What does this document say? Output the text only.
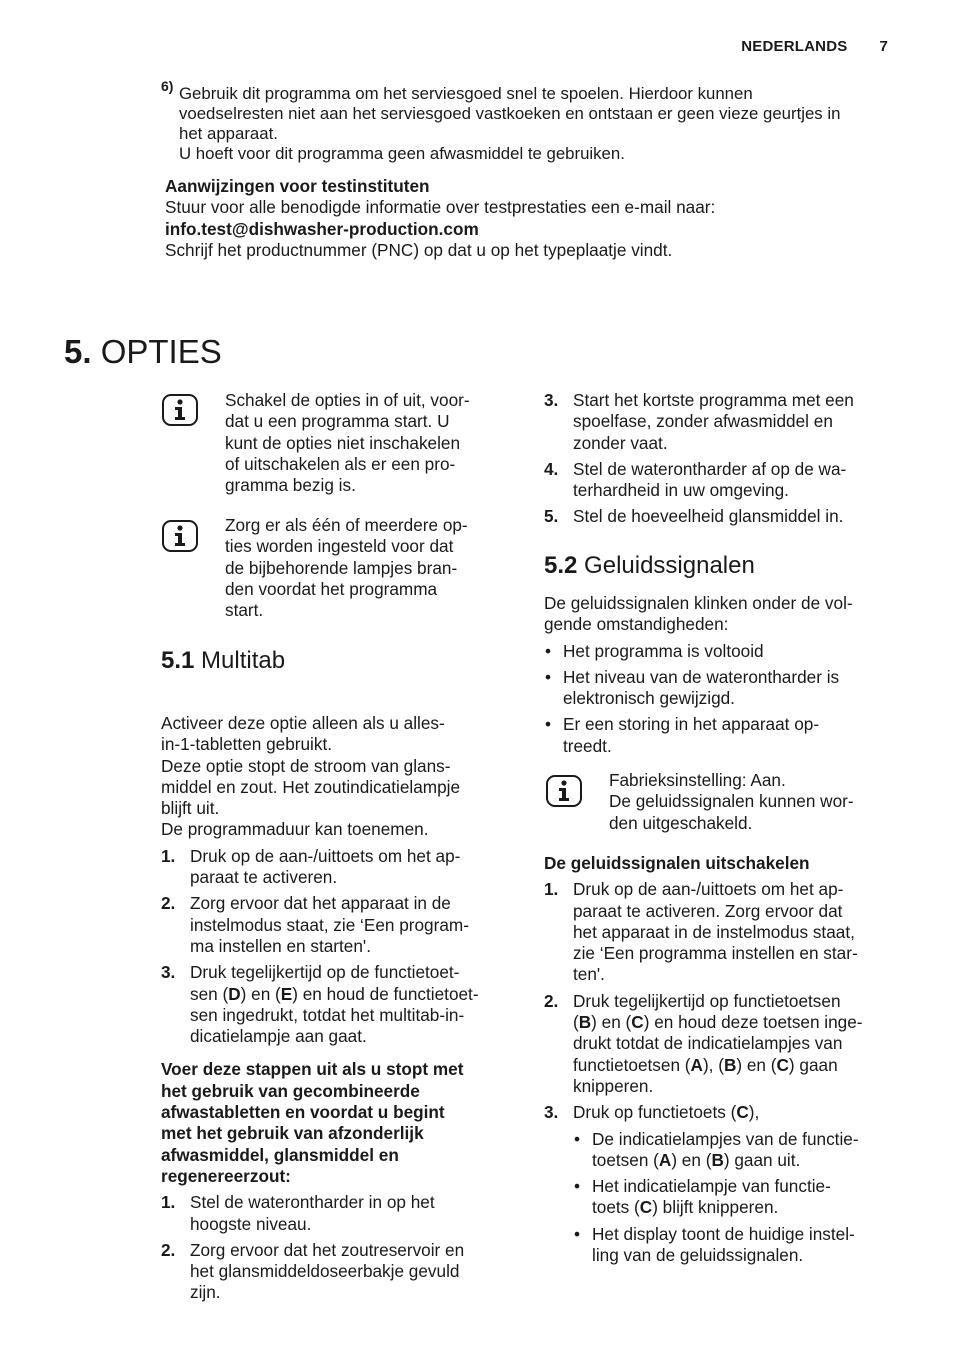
NEDERLANDS 7
6) Gebruik dit programma om het serviesgoed snel te spoelen. Hierdoor kunnen
voedselresten niet aan het serviesgoed vastkoeken en ontstaan er geen vieze geurtjes in
het apparaat.
U hoeft voor dit programma geen afwasmiddel te gebruiken.
Aanwijzingen voor testinstituten
Stuur voor alle benodigde informatie over testprestaties een e-mail naar:
info.test@dishwasher-production.com
Schrijf het productnummer (PNC) op dat u op het typeplaatje vindt.
5. OPTIES
Schakel de opties in of uit, voor-
dat u een programma start. U
kunt de opties niet inschakelen
of uitschakelen als er een pro-
gramma bezig is.
Zorg er als één of meerdere op-
ties worden ingesteld voor dat
de bijbehorende lampjes bran-
den voordat het programma
start.
5.1 Multitab
Activeer deze optie alleen als u alles-
in-1-tabletten gebruikt.
Deze optie stopt de stroom van glans-
middel en zout. Het zoutindicatielampje
blijft uit.
De programmaduur kan toenemen.
1. Druk op de aan-/uittoets om het ap-
paraat te activeren.
2. Zorg ervoor dat het apparaat in de
instelmodus staat, zie ‘Een program-
ma instellen en starten'.
3. Druk tegelijkertijd op de functietoet-
sen (D) en (E) en houd de functietoet-
sen ingedrukt, totdat het multitab-in-
dicatielampje aan gaat.
Voer deze stappen uit als u stopt met
het gebruik van gecombineerde
afwastabletten en voordat u begint
met het gebruik van afzonderlijk
afwasmiddel, glansmiddel en
regenereerzout:
1. Stel de waterontharder in op het
hoogste niveau.
2. Zorg ervoor dat het zoutreservoir en
het glansmiddeldoseerbakje gevuld
zijn.
3. Start het kortste programma met een
spoelfase, zonder afwasmiddel en
zonder vaat.
4. Stel de waterontharder af op de wa-
terhardheid in uw omgeving.
5. Stel de hoeveelheid glansmiddel in.
5.2 Geluidssignalen
De geluidssignalen klinken onder de vol-
gende omstandigheden:
• Het programma is voltooid
• Het niveau van de waterontharder is
elektronisch gewijzigd.
• Er een storing in het apparaat op-
treedt.
Fabrieksinstelling: Aan.
De geluidssignalen kunnen wor-
den uitgeschakeld.
De geluidssignalen uitschakelen
1. Druk op de aan-/uittoets om het ap-
paraat te activeren. Zorg ervoor dat
het apparaat in de instelmodus staat,
zie ‘Een programma instellen en star-
ten'.
2. Druk tegelijkertijd op functietoetsen
(B) en (C) en houd deze toetsen inge-
drukt totdat de indicatielampjes van
functietoetsen (A), (B) en (C) gaan
knipperen.
3. Druk op functietoets (C),
• De indicatielampjes van de functie-
toetsen (A) en (B) gaan uit.
• Het indicatielampje van functie-
toets (C) blijft knipperen.
• Het display toont de huidige instel-
ling van de geluidssignalen.
